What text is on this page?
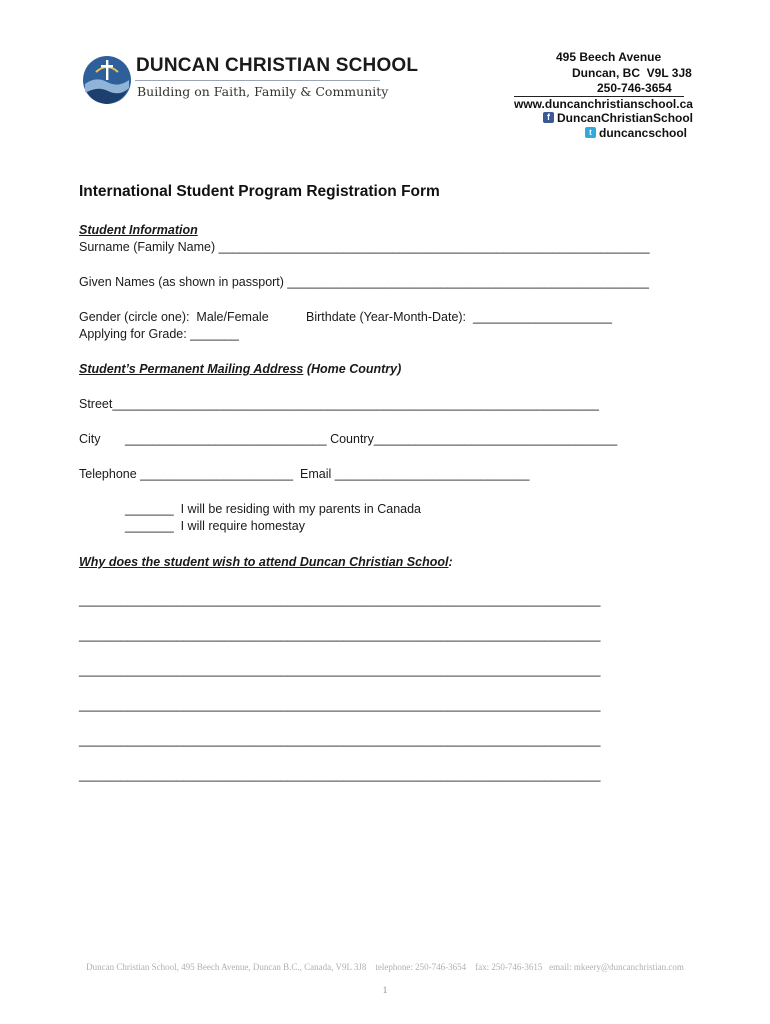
DUNCAN CHRISTIAN SCHOOL
Building on Faith, Family & Community
495 Beech Avenue
Duncan, BC  V9L 3J8
250-746-3654
www.duncanchristianschool.ca
f DuncanChristianSchool
t duncancschool
International Student Program Registration Form
Student Information
Surname (Family Name) ______________________________________________________________
Given Names (as shown in passport) ____________________________________________________
Gender (circle one):  Male/Female	Birthdate (Year-Month-Date):  ____________________
Applying for Grade: _______
Student’s Permanent Mailing Address (Home Country)
Street______________________________________________________________________
City _____________________________ Country___________________________________
Telephone ______________________  Email ____________________________
_______  I will be residing with my parents in Canada
_______  I will require homestay
Why does the student wish to attend Duncan Christian School:
___________________________________________________________________________
___________________________________________________________________________
___________________________________________________________________________
___________________________________________________________________________
___________________________________________________________________________
___________________________________________________________________________
Duncan Christian School, 495 Beech Avenue, Duncan B.C., Canada, V9L 3J8    telephone: 250-746-3654    fax: 250-746-3615   email: mkeery@duncanchristian.com
1
